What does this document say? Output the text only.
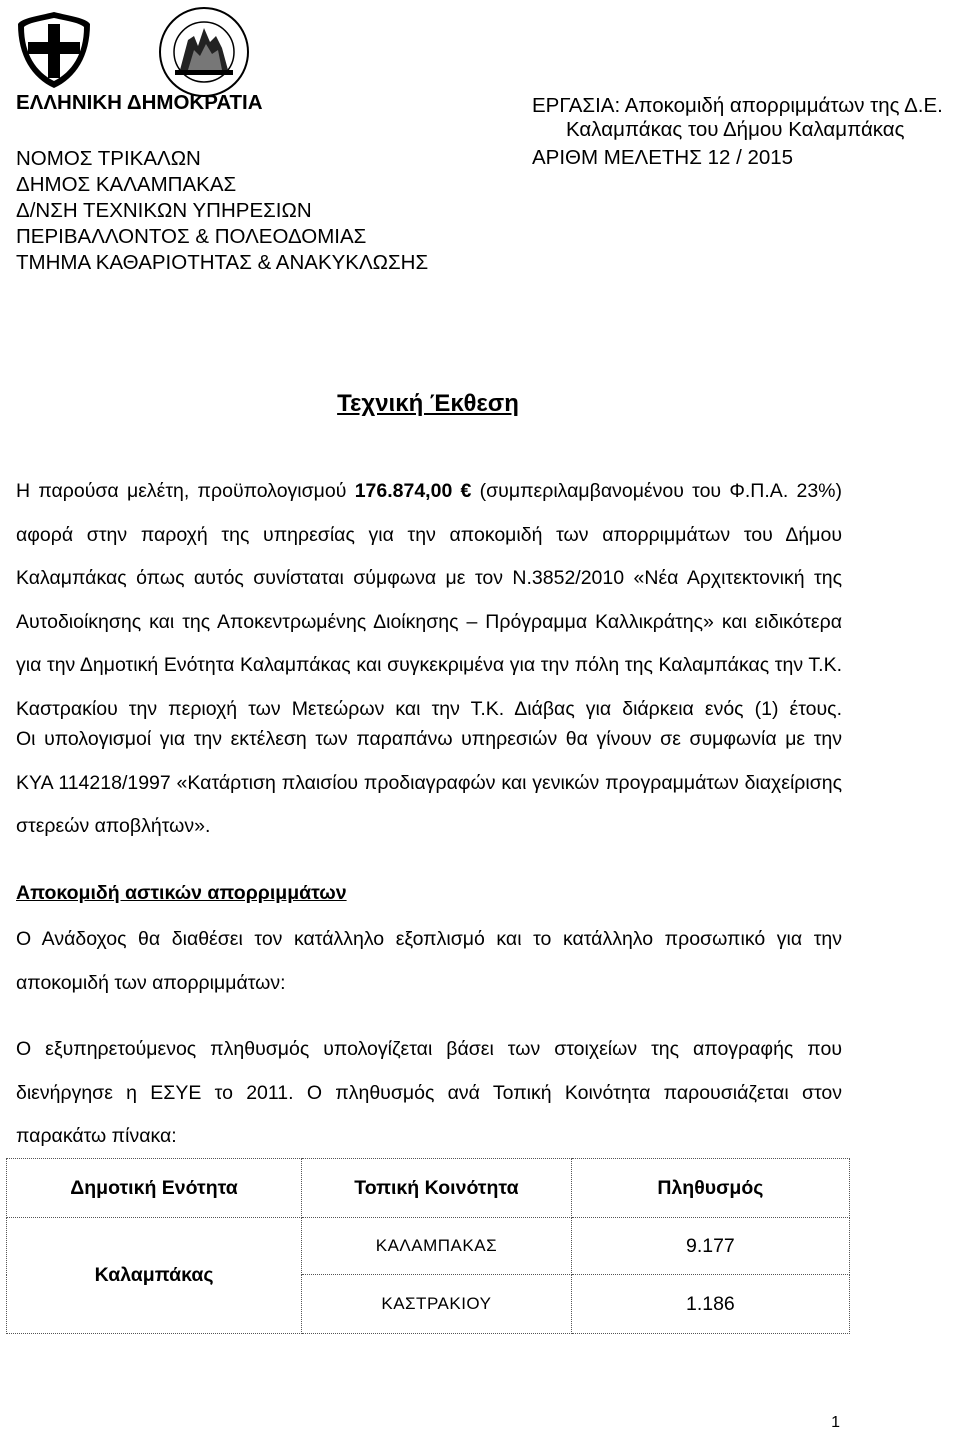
ΕΛΛΗΝΙΚΗ ΔΗΜΟΚΡΑΤΙΑ
ΝΟΜΟΣ ΤΡΙΚΑΛΩΝ
ΔΗΜΟΣ ΚΑΛΑΜΠΑΚΑΣ
Δ/ΝΣΗ ΤΕΧΝΙΚΩΝ ΥΠΗΡΕΣΙΩΝ
ΠΕΡΙΒΑΛΛΟΝΤΟΣ & ΠΟΛΕΟΔΟΜΙΑΣ
ΤΜΗΜΑ ΚΑΘΑΡΙΟΤΗΤΑΣ & ΑΝΑΚΥΚΛΩΣΗΣ
ΕΡΓΑΣΙΑ: Αποκομιδή απορριμμάτων της Δ.Ε.
Καλαμπάκας του Δήμου Καλαμπάκας
ΑΡΙΘΜ ΜΕΛΕΤΗΣ 12 / 2015
Τεχνική Έκθεση
Η παρούσα μελέτη, προϋπολογισμού 176.874,00 € (συμπεριλαμβανομένου του Φ.Π.Α. 23%) αφορά στην παροχή της υπηρεσίας για την αποκομιδή των απορριμμάτων του Δήμου Καλαμπάκας όπως αυτός συνίσταται σύμφωνα με τον Ν.3852/2010 «Νέα Αρχιτεκτονική της Αυτοδιοίκησης και της Αποκεντρωμένης Διοίκησης – Πρόγραμμα Καλλικράτης» και ειδικότερα για την Δημοτική Ενότητα Καλαμπάκας και συγκεκριμένα για την πόλη της Καλαμπάκας την Τ.Κ. Καστρακίου την περιοχή των Μετεώρων και την Τ.Κ. Διάβας για διάρκεια ενός (1) έτους.
Οι υπολογισμοί για την εκτέλεση των παραπάνω υπηρεσιών θα γίνουν σε συμφωνία με την ΚΥΑ 114218/1997 «Κατάρτιση πλαισίου προδιαγραφών και γενικών προγραμμάτων διαχείρισης στερεών αποβλήτων».
Αποκομιδή αστικών απορριμμάτων
Ο Ανάδοχος θα διαθέσει τον κατάλληλο εξοπλισμό και το κατάλληλο προσωπικό για την αποκομιδή των απορριμμάτων:
Ο εξυπηρετούμενος πληθυσμός υπολογίζεται βάσει των στοιχείων της απογραφής που διενήργησε η ΕΣΥΕ το 2011. Ο πληθυσμός ανά Τοπική Κοινότητα παρουσιάζεται στον παρακάτω πίνακα:
Δημοτική Ενότητα	Τοπική Κοινότητα	Πληθυσμός
Καλαμπάκας	ΚΑΛΑΜΠΑΚΑΣ	9.177
	ΚΑΣΤΡΑΚΙΟΥ	1.186
1
